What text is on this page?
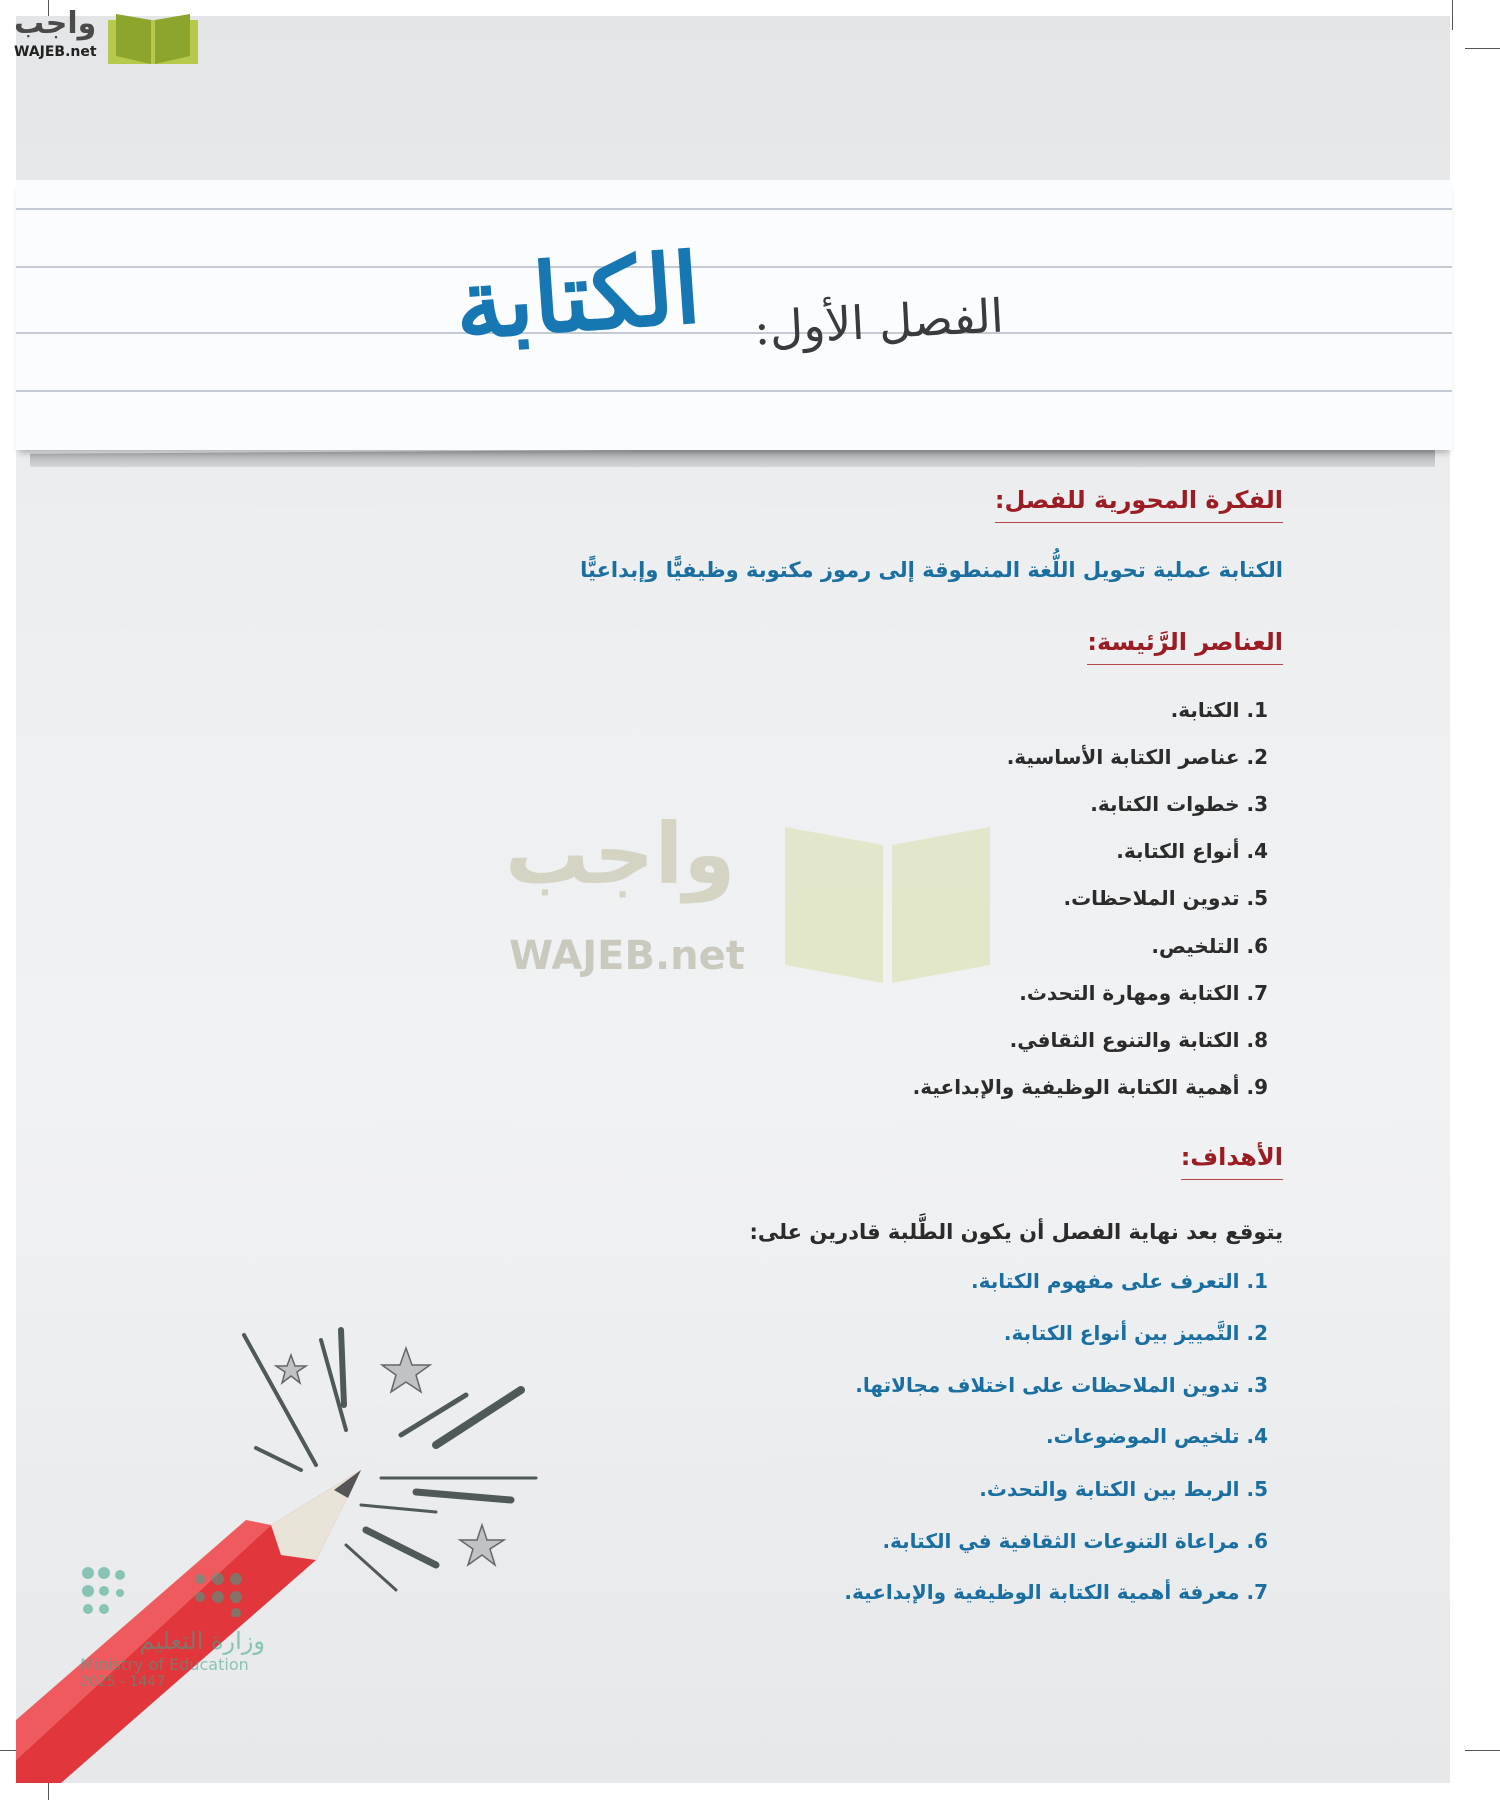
واجب
WAJEB.net
واجب
WAJEB.net
الفصل الأول:
الكتابة
الفكرة المحورية للفصل:
الكتابة عملية تحويل اللُّغة المنطوقة إلى رموز مكتوبة وظيفيًّا وإبداعيًّا
العناصر الرَّئيسة:
1. الكتابة.
2. عناصر الكتابة الأساسية.
3. خطوات الكتابة.
4. أنواع الكتابة.
5. تدوين الملاحظات.
6. التلخيص.
7. الكتابة ومهارة التحدث.
8. الكتابة والتنوع الثقافي.
9. أهمية الكتابة الوظيفية والإبداعية.
الأهداف:
يتوقع بعد نهاية الفصل أن يكون الطَّلبة قادرين على:
1. التعرف على مفهوم الكتابة.
2. التَّمييز بين أنواع الكتابة.
3. تدوين الملاحظات على اختلاف مجالاتها.
4. تلخيص الموضوعات.
5. الربط بين الكتابة والتحدث.
6. مراعاة التنوعات الثقافية في الكتابة.
7. معرفة أهمية الكتابة الوظيفية والإبداعية.
وزارة التعليم
Ministry of Education
2025 - 1447
